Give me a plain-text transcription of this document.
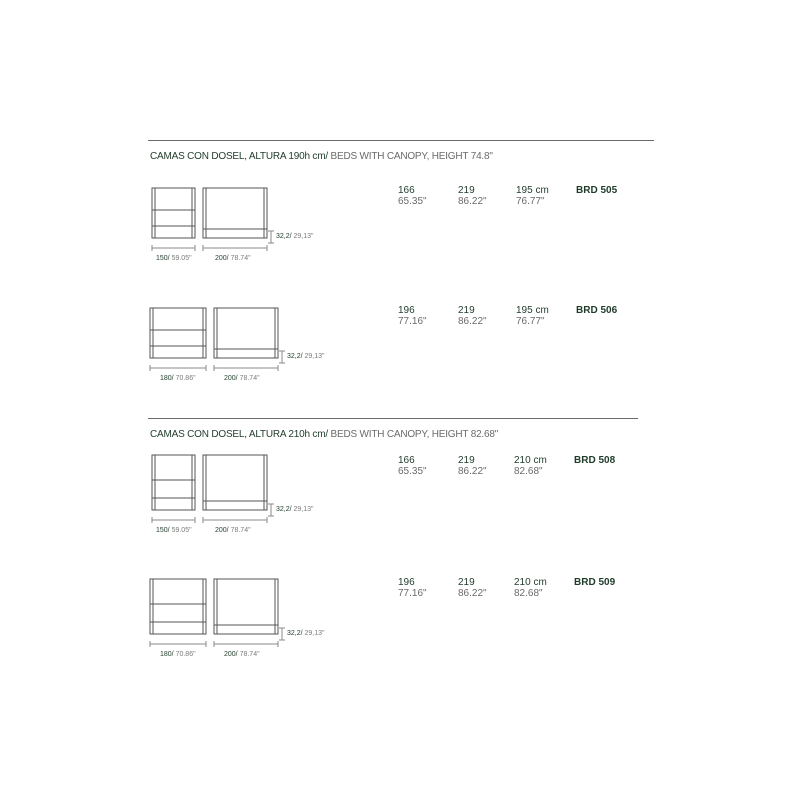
CAMAS CON DOSEL, ALTURA 190h cm/ BEDS WITH CANOPY, HEIGHT 74.8"
150/ 59.05"	200/ 78.74"
32,2/ 29,13"
166
65.35"
219
86.22"
195 cm
76.77"
BRD 505
180/ 70.86"	200/ 78.74"
32,2/ 29,13"
196
77.16"
219
86.22"
195 cm
76.77"
BRD 506
CAMAS CON DOSEL, ALTURA 210h cm/ BEDS WITH CANOPY, HEIGHT 82.68"
150/ 59.05"	200/ 78.74"
32,2/ 29,13"
166
65.35"
219
86.22"
210 cm
82.68"
BRD 508
180/ 70.86"	200/ 78.74"
32,2/ 29,13"
196
77.16"
219
86.22"
210 cm
82.68"
BRD 509
